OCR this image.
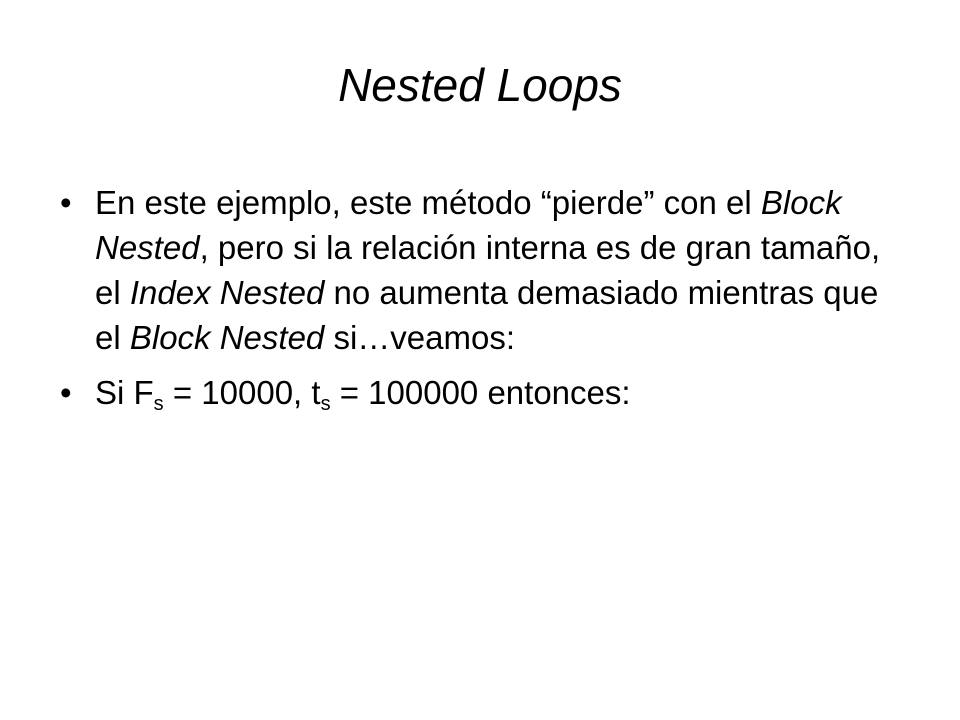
Nested Loops
• En este ejemplo, este método “pierde” con el Block Nested, pero si la relación interna es de gran tamaño, el Index Nested no aumenta demasiado mientras que el Block Nested si…veamos:
• Si $F_s = 10000$, $t_s = 100000$ entonces:
